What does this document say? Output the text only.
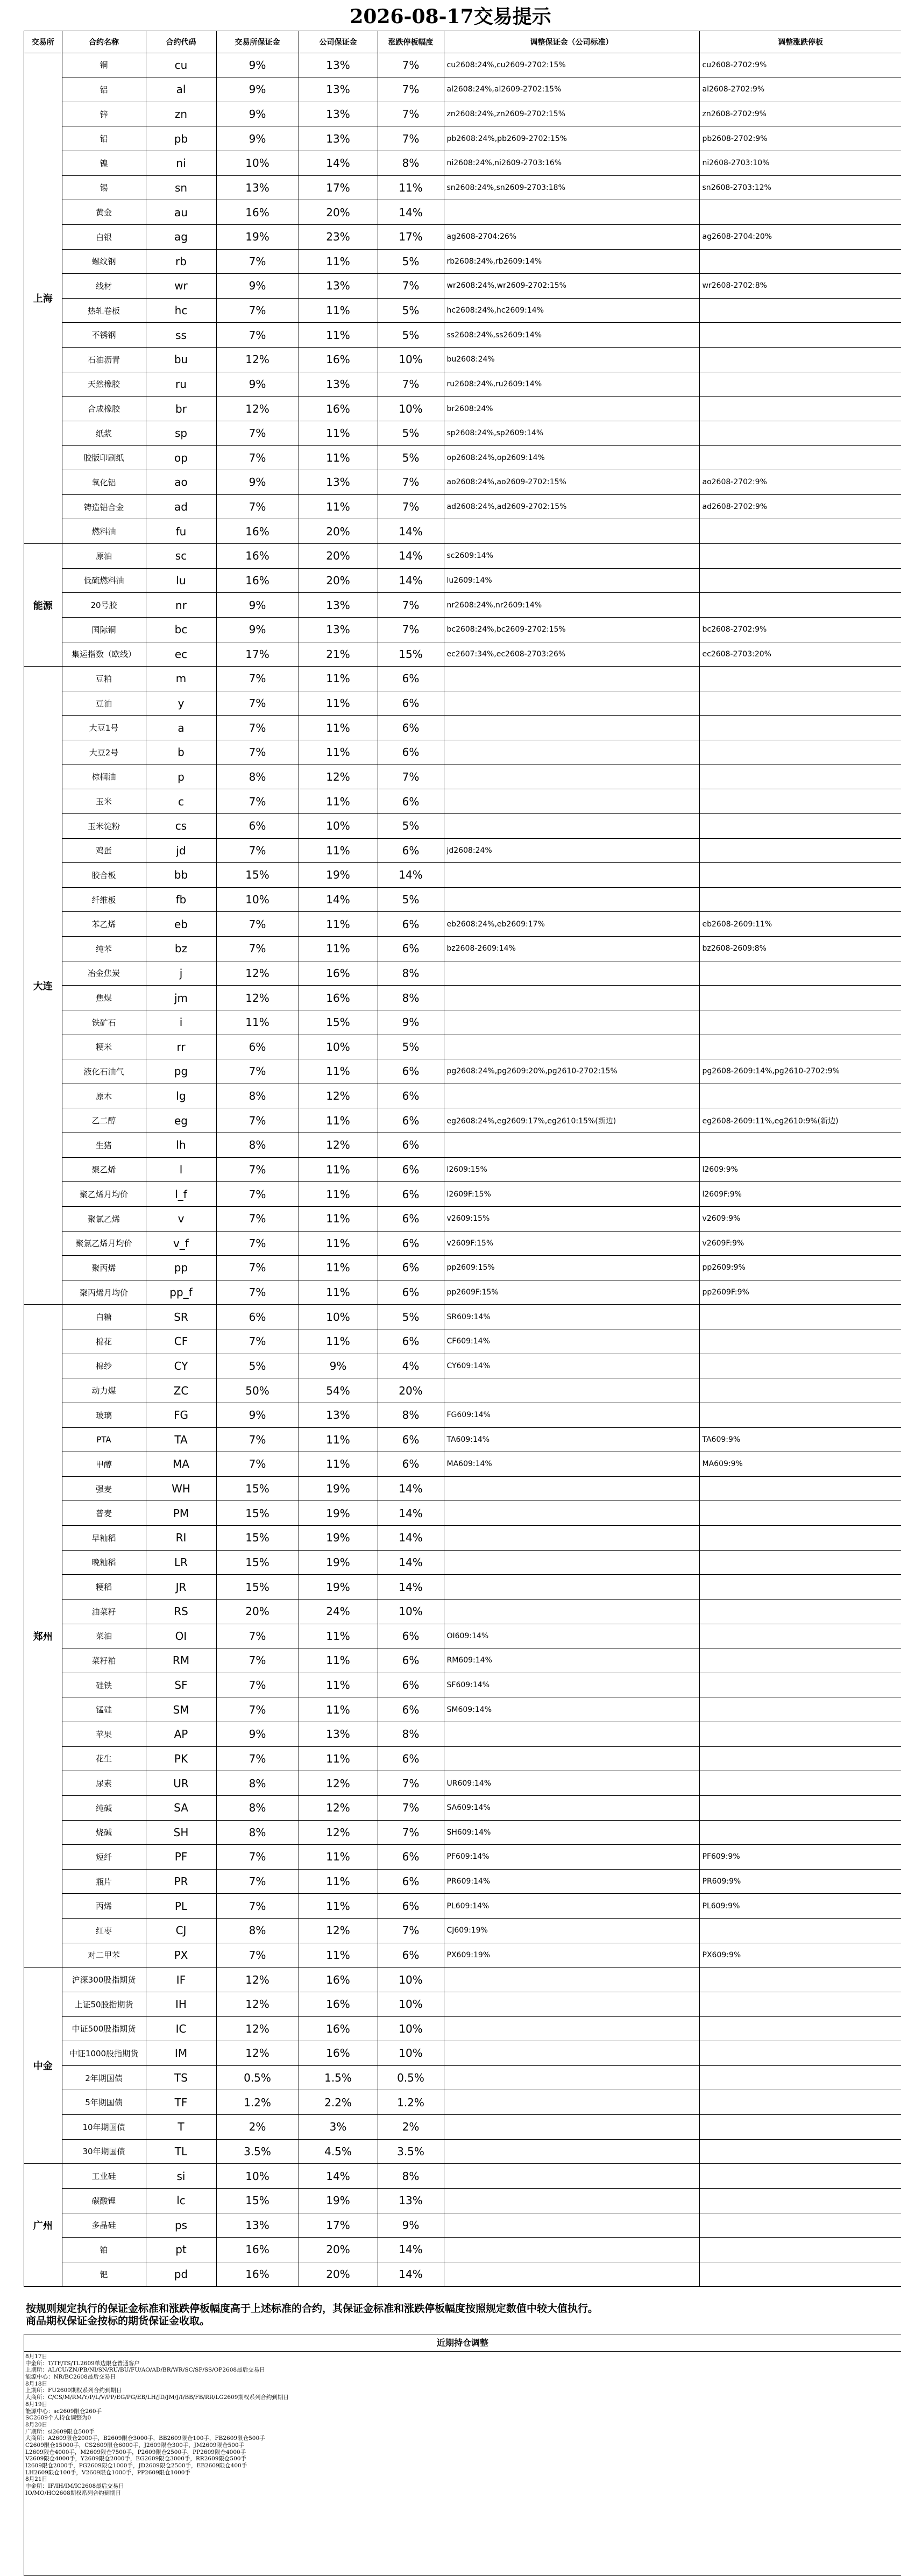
2026-08-17交易提示
交易所	合约名称	合约代码	交易所保证金	公司保证金	涨跌停板幅度	调整保证金（公司标准）	调整涨跌停板
上海	铜	cu	9%	13%	7%	cu2608:24%,cu2609-2702:15%	cu2608-2702:9%
	铝	al	9%	13%	7%	al2608:24%,al2609-2702:15%	al2608-2702:9%
	锌	zn	9%	13%	7%	zn2608:24%,zn2609-2702:15%	zn2608-2702:9%
	铅	pb	9%	13%	7%	pb2608:24%,pb2609-2702:15%	pb2608-2702:9%
	镍	ni	10%	14%	8%	ni2608:24%,ni2609-2703:16%	ni2608-2703:10%
	锡	sn	13%	17%	11%	sn2608:24%,sn2609-2703:18%	sn2608-2703:12%
	黄金	au	16%	20%	14%		
	白银	ag	19%	23%	17%	ag2608-2704:26%	ag2608-2704:20%
	螺纹钢	rb	7%	11%	5%	rb2608:24%,rb2609:14%	
	线材	wr	9%	13%	7%	wr2608:24%,wr2609-2702:15%	wr2608-2702:8%
	热轧卷板	hc	7%	11%	5%	hc2608:24%,hc2609:14%	
	不锈钢	ss	7%	11%	5%	ss2608:24%,ss2609:14%	
	石油沥青	bu	12%	16%	10%	bu2608:24%	
	天然橡胶	ru	9%	13%	7%	ru2608:24%,ru2609:14%	
	合成橡胶	br	12%	16%	10%	br2608:24%	
	纸浆	sp	7%	11%	5%	sp2608:24%,sp2609:14%	
	胶版印刷纸	op	7%	11%	5%	op2608:24%,op2609:14%	
	氧化铝	ao	9%	13%	7%	ao2608:24%,ao2609-2702:15%	ao2608-2702:9%
	铸造铝合金	ad	7%	11%	7%	ad2608:24%,ad2609-2702:15%	ad2608-2702:9%
	燃料油	fu	16%	20%	14%		
能源	原油	sc	16%	20%	14%	sc2609:14%	
	低硫燃料油	lu	16%	20%	14%	lu2609:14%	
	20号胶	nr	9%	13%	7%	nr2608:24%,nr2609:14%	
	国际铜	bc	9%	13%	7%	bc2608:24%,bc2609-2702:15%	bc2608-2702:9%
	集运指数（欧线）	ec	17%	21%	15%	ec2607:34%,ec2608-2703:26%	ec2608-2703:20%
大连	豆粕	m	7%	11%	6%		
	豆油	y	7%	11%	6%		
	大豆1号	a	7%	11%	6%		
	大豆2号	b	7%	11%	6%		
	棕榈油	p	8%	12%	7%		
	玉米	c	7%	11%	6%		
	玉米淀粉	cs	6%	10%	5%		
	鸡蛋	jd	7%	11%	6%	jd2608:24%	
	胶合板	bb	15%	19%	14%		
	纤维板	fb	10%	14%	5%		
	苯乙烯	eb	7%	11%	6%	eb2608:24%,eb2609:17%	eb2608-2609:11%
	纯苯	bz	7%	11%	6%	bz2608-2609:14%	bz2608-2609:8%
	冶金焦炭	j	12%	16%	8%		
	焦煤	jm	12%	16%	8%		
	铁矿石	i	11%	15%	9%		
	粳米	rr	6%	10%	5%		
	液化石油气	pg	7%	11%	6%	pg2608:24%,pg2609:20%,pg2610-2702:15%	pg2608-2609:14%,pg2610-2702:9%
	原木	lg	8%	12%	6%		
	乙二醇	eg	7%	11%	6%	eg2608:24%,eg2609:17%,eg2610:15%(新边)	eg2608-2609:11%,eg2610:9%(新边)
	生猪	lh	8%	12%	6%		
	聚乙烯	l	7%	11%	6%	l2609:15%	l2609:9%
	聚乙烯月均价	l_f	7%	11%	6%	l2609F:15%	l2609F:9%
	聚氯乙烯	v	7%	11%	6%	v2609:15%	v2609:9%
	聚氯乙烯月均价	v_f	7%	11%	6%	v2609F:15%	v2609F:9%
	聚丙烯	pp	7%	11%	6%	pp2609:15%	pp2609:9%
	聚丙烯月均价	pp_f	7%	11%	6%	pp2609F:15%	pp2609F:9%
郑州	白糖	SR	6%	10%	5%	SR609:14%	
	棉花	CF	7%	11%	6%	CF609:14%	
	棉纱	CY	5%	9%	4%	CY609:14%	
	动力煤	ZC	50%	54%	20%		
	玻璃	FG	9%	13%	8%	FG609:14%	
	PTA	TA	7%	11%	6%	TA609:14%	TA609:9%
	甲醇	MA	7%	11%	6%	MA609:14%	MA609:9%
	强麦	WH	15%	19%	14%		
	普麦	PM	15%	19%	14%		
	早籼稻	RI	15%	19%	14%		
	晚籼稻	LR	15%	19%	14%		
	粳稻	JR	15%	19%	14%		
	油菜籽	RS	20%	24%	10%		
	菜油	OI	7%	11%	6%	OI609:14%	
	菜籽粕	RM	7%	11%	6%	RM609:14%	
	硅铁	SF	7%	11%	6%	SF609:14%	
	锰硅	SM	7%	11%	6%	SM609:14%	
	苹果	AP	9%	13%	8%		
	花生	PK	7%	11%	6%		
	尿素	UR	8%	12%	7%	UR609:14%	
	纯碱	SA	8%	12%	7%	SA609:14%	
	烧碱	SH	8%	12%	7%	SH609:14%	
	短纤	PF	7%	11%	6%	PF609:14%	PF609:9%
	瓶片	PR	7%	11%	6%	PR609:14%	PR609:9%
	丙烯	PL	7%	11%	6%	PL609:14%	PL609:9%
	红枣	CJ	8%	12%	7%	CJ609:19%	
	对二甲苯	PX	7%	11%	6%	PX609:19%	PX609:9%
中金	沪深300股指期货	IF	12%	16%	10%		
	上证50股指期货	IH	12%	16%	10%		
	中证500股指期货	IC	12%	16%	10%		
	中证1000股指期货	IM	12%	16%	10%		
	2年期国债	TS	0.5%	1.5%	0.5%		
	5年期国债	TF	1.2%	2.2%	1.2%		
	10年期国债	T	2%	3%	2%		
	30年期国债	TL	3.5%	4.5%	3.5%		
广州	工业硅	si	10%	14%	8%		
	碳酸锂	lc	15%	19%	13%		
	多晶硅	ps	13%	17%	9%		
	铂	pt	16%	20%	14%		
	钯	pd	16%	20%	14%		
按规则规定执行的保证金标准和涨跌停板幅度高于上述标准的合约，其保证金标准和涨跌停板幅度按照规定数值中较大值执行。
商品期权保证金按标的期货保证金收取。
近期持仓调整
8月17日
中金所：T/TF/TS/TL2609单边限仓普通客户
上期所：AL/CU/ZN/PB/NI/SN/RU/BU/FU/AO/AD/BR/WR/SC/SP/SS/OP2608最后交易日
能源中心：NR/BC2608最后交易日
8月18日
上期所：FU2609期权系列合约到期日
大商所：C/CS/M/RM/Y/P/L/V/PP/EG/PG/EB/LH/JD/JM/J/I/BB/FB/RR/LG2609期权系列合约到期日
8月19日
能源中心：sc2609限仓260手
SC2609个人持仓调整为0
8月20日
广期所：si2609限仓500手
大商所：A2609限仓2000手，B2609限仓3000手，BB2609限仓100手，FB2609限仓500手
C2609限仓15000手，CS2609限仓6000手，J2609限仓300手，JM2609限仓500手
L2609限仓4000手，M2609限仓7500手，P2609限仓2500手，PP2609限仓4000手
V2609限仓4000手，Y2609限仓2000手，EG2609限仓3000手，RR2609限仓500手
I2609限仓2000手，PG2609限仓1000手，JD2609限仓2500手，EB2609限仓400手
LH2609限仓100手，V2609限仓1000手，PP2609限仓1000手
8月21日
中金所：IF/IH/IM/IC2608最后交易日
IO/MO/HO2608期权系列合约到期日
